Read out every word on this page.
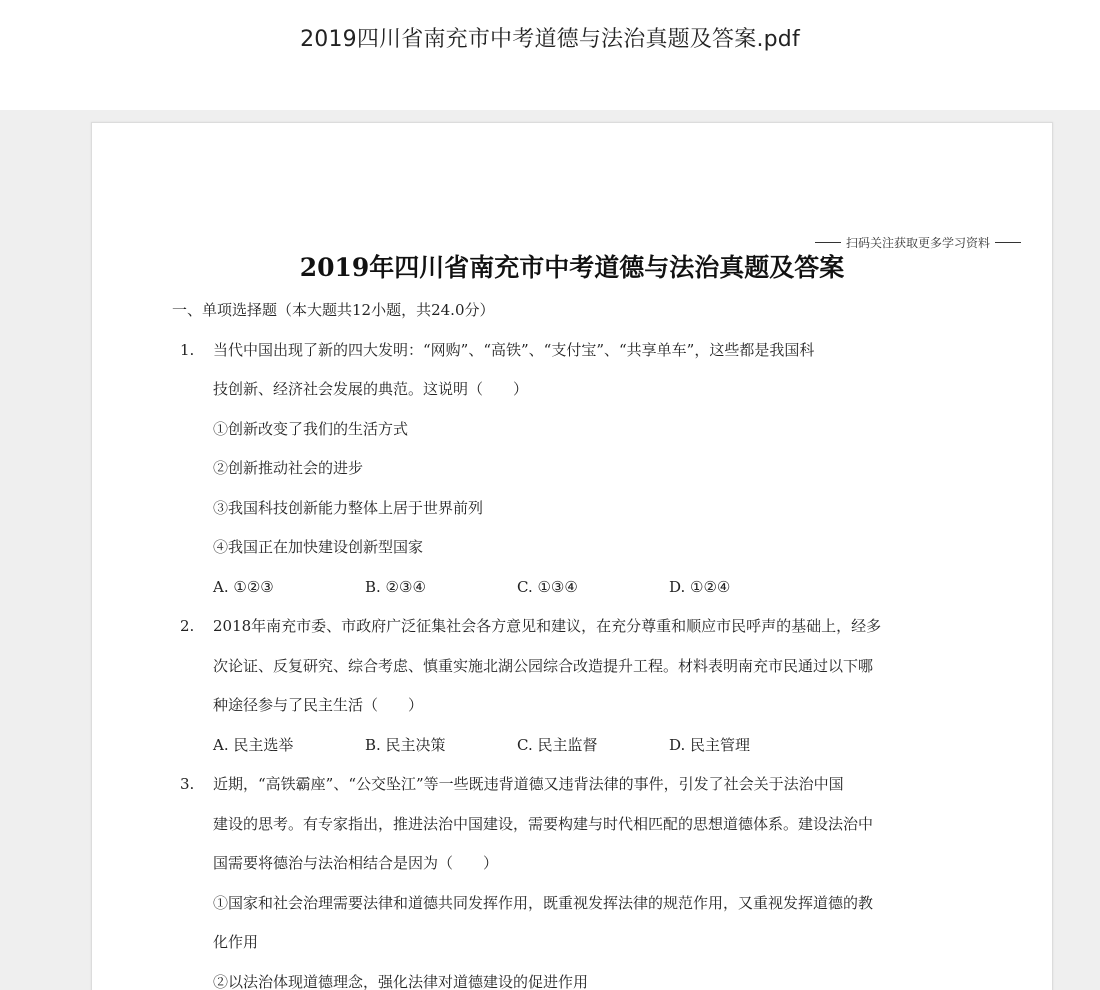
2019四川省南充市中考道德与法治真题及答案.pdf
扫码关注获取更多学习资料
2019年四川省南充市中考道德与法治真题及答案
一、单项选择题（本大题共12小题，共24.0分）
1. 当代中国出现了新的四大发明：“网购”、“高铁”、“支付宝”、“共享单车”，这些都是我国科
技创新、经济社会发展的典范。这说明（　　）
①创新改变了我们的生活方式
②创新推动社会的进步
③我国科技创新能力整体上居于世界前列
④我国正在加快建设创新型国家
A. ①②③	B. ②③④	C. ①③④	D. ①②④
2. 2018年南充市委、市政府广泛征集社会各方意见和建议，在充分尊重和顺应市民呼声的基础上，经多
次论证、反复研究、综合考虑、慎重实施北湖公园综合改造提升工程。材料表明南充市民通过以下哪
种途径参与了民主生活（　　）
A. 民主选举	B. 民主决策	C. 民主监督	D. 民主管理
3. 近期，“高铁霸座”、“公交坠江”等一些既违背道德又违背法律的事件，引发了社会关于法治中国
建设的思考。有专家指出，推进法治中国建设，需要构建与时代相匹配的思想道德体系。建设法治中
国需要将德治与法治相结合是因为（　　）
①国家和社会治理需要法律和道德共同发挥作用，既重视发挥法律的规范作用，又重视发挥道德的教
化作用
②以法治体现道德理念，强化法律对道德建设的促进作用
